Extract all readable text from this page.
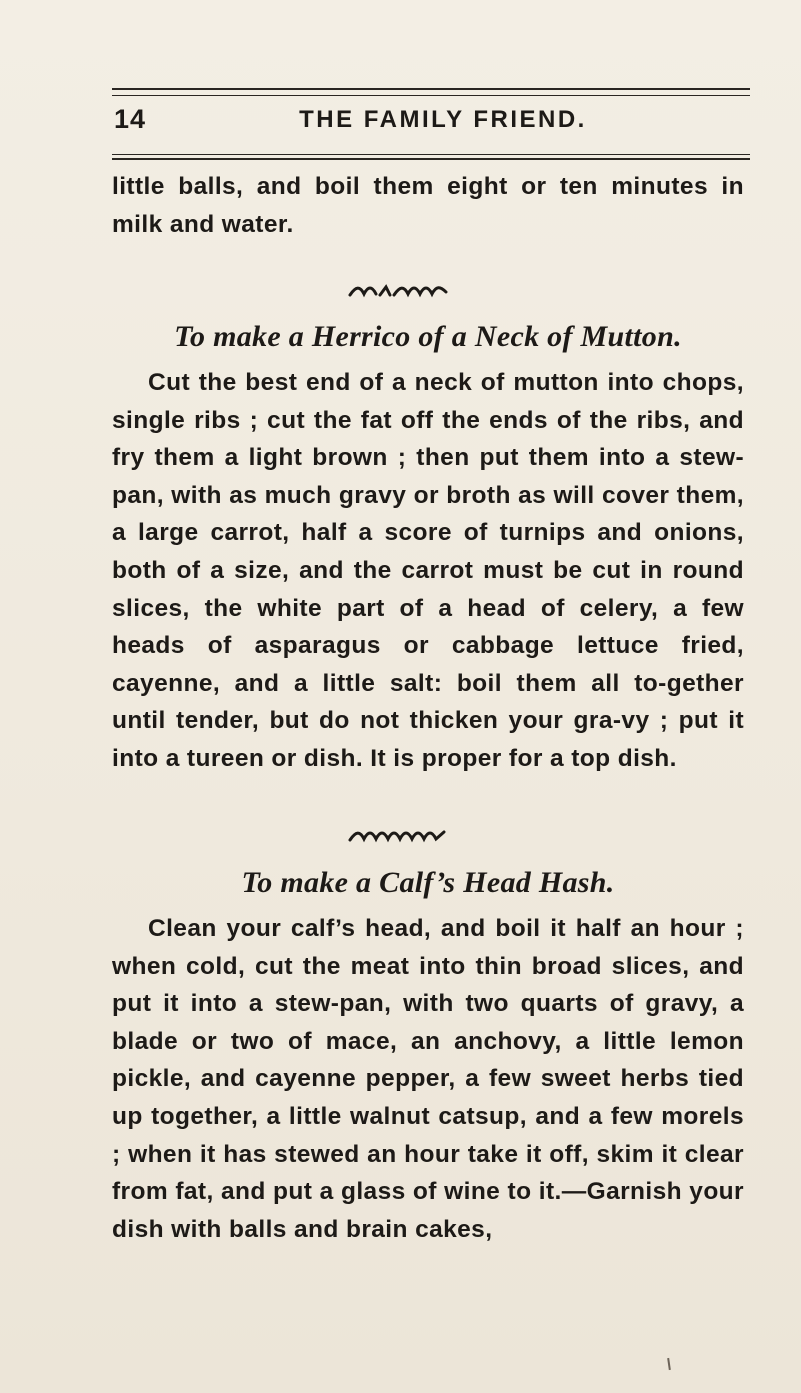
14	THE FAMILY FRIEND.

little balls, and boil them eight or ten minutes in milk and water.

To make a Herrico of a Neck of Mutton.

Cut the best end of a neck of mutton into chops, single ribs ; cut the fat off the ends of the ribs, and fry them a light brown ; then put them into a stew-pan, with as much gravy or broth as will cover them, a large carrot, half a score of turnips and onions, both of a size, and the carrot must be cut in round slices, the white part of a head of celery, a few heads of asparagus or cabbage lettuce fried, cayenne, and a little salt: boil them all to-gether until tender, but do not thicken your gra-vy ; put it into a tureen or dish. It is proper for a top dish.

To make a Calf’s Head Hash.

Clean your calf’s head, and boil it half an hour ; when cold, cut the meat into thin broad slices, and put it into a stew-pan, with two quarts of gravy, a blade or two of mace, an anchovy, a little lemon pickle, and cayenne pepper, a few sweet herbs tied up together, a little walnut catsup, and a few morels ; when it has stewed an hour take it off, skim it clear from fat, and put a glass of wine to it.—Garnish your dish with balls and brain cakes,
